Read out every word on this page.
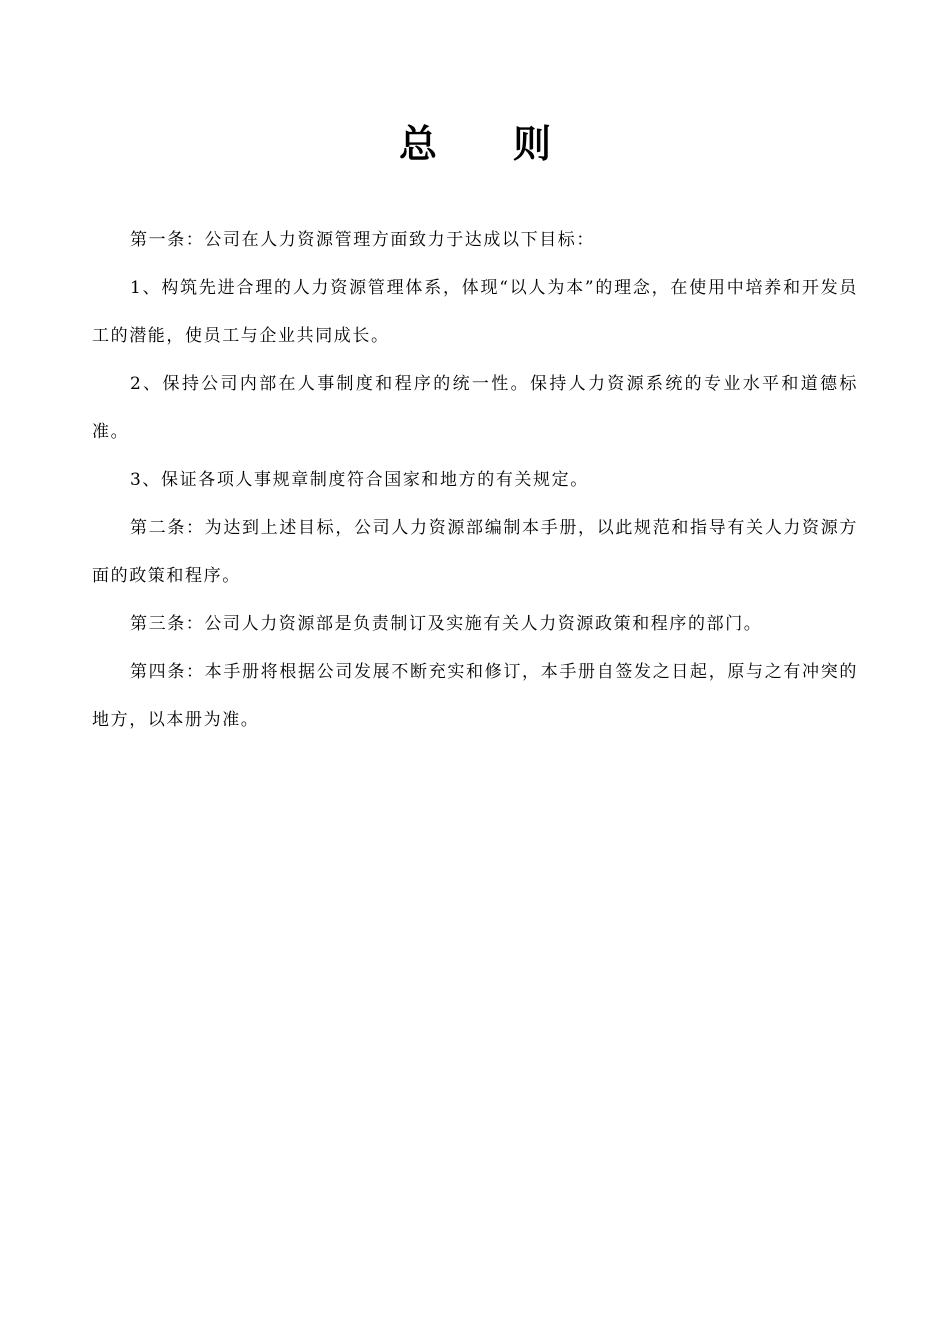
总则

第一条：公司在人力资源管理方面致力于达成以下目标：

1、构筑先进合理的人力资源管理体系，体现“以人为本”的理念，在使用中培养和开发员工的潜能，使员工与企业共同成长。

2、保持公司内部在人事制度和程序的统一性。保持人力资源系统的专业水平和道德标准。

3、保证各项人事规章制度符合国家和地方的有关规定。

第二条：为达到上述目标，公司人力资源部编制本手册，以此规范和指导有关人力资源方面的政策和程序。

第三条：公司人力资源部是负责制订及实施有关人力资源政策和程序的部门。

第四条：本手册将根据公司发展不断充实和修订，本手册自签发之日起，原与之有冲突的地方，以本册为准。
